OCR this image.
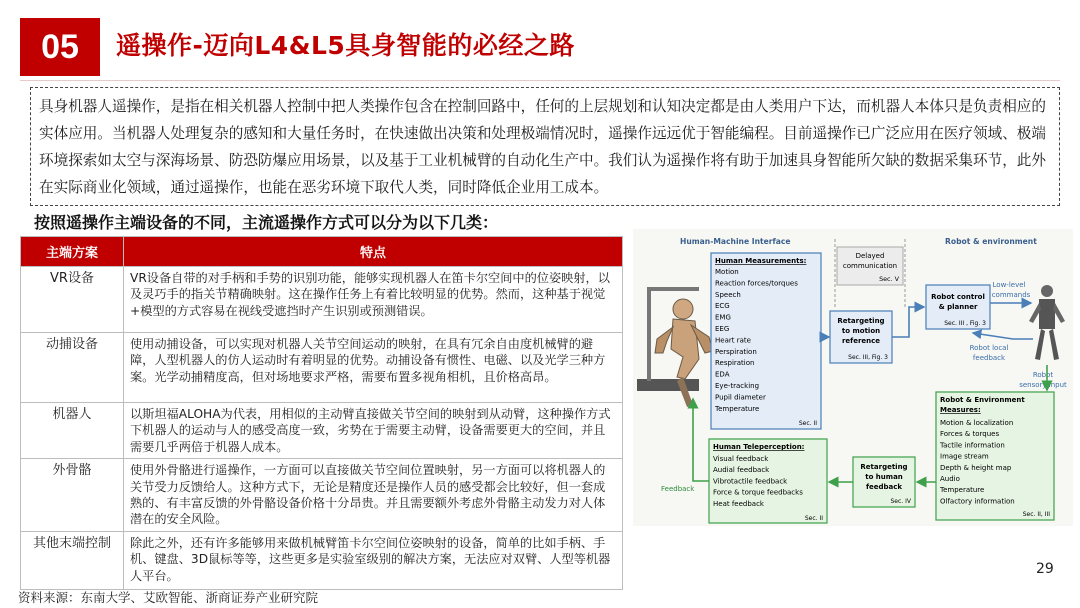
05	遥操作-迈向L4&L5具身智能的必经之路
具身机器人遥操作，是指在相关机器人控制中把人类操作包含在控制回路中，任何的上层规划和认知决定都是由人类用户下达，而机器人本体只是负责相应的实体应用。当机器人处理复杂的感知和大量任务时，在快速做出决策和处理极端情况时，遥操作远远优于智能编程。目前遥操作已广泛应用在医疗领域、极端环境探索如太空与深海场景、防恐防爆应用场景，以及基于工业机械臂的自动化生产中。我们认为遥操作将有助于加速具身智能所欠缺的数据采集环节，此外在实际商业化领域，通过遥操作，也能在恶劣环境下取代人类，同时降低企业用工成本。
按照遥操作主端设备的不同，主流遥操作方式可以分为以下几类：
主端方案	特点
VR设备	VR设备自带的对手柄和手势的识别功能，能够实现机器人在笛卡尔空间中的位姿映射，以及灵巧手的指关节精确映射。这在操作任务上有着比较明显的优势。然而，这种基于视觉+模型的方式容易在视线受遮挡时产生识别或预测错误。
动捕设备	使用动捕设备，可以实现对机器人关节空间运动的映射，在具有冗余自由度机械臂的避障，人型机器人的仿人运动时有着明显的优势。动捕设备有惯性、电磁、以及光学三种方案。光学动捕精度高，但对场地要求严格，需要布置多视角相机，且价格高昂。
机器人	以斯坦福ALOHA为代表，用相似的主动臂直接做关节空间的映射到从动臂，这种操作方式下机器人的运动与人的感受高度一致，劣势在于需要主动臂，设备需要更大的空间，并且需要几乎两倍于机器人成本。
外骨骼	使用外骨骼进行遥操作，一方面可以直接做关节空间位置映射，另一方面可以将机器人的关节受力反馈给人。这种方式下，无论是精度还是操作人员的感受都会比较好，但一套成熟的、有丰富反馈的外骨骼设备价格十分昂贵。并且需要额外考虑外骨骼主动发力对人体潜在的安全风险。
其他末端控制	除此之外，还有许多能够用来做机械臂笛卡尔空间位姿映射的设备，简单的比如手柄、手机、键盘、3D鼠标等等，这些更多是实验室级别的解决方案，无法应对双臂、人型等机器人平台。
Human-Machine Interface	Robot & environment
Delayed
communication
Sec. V
Human Measurements:
Motion
Reaction forces/torques
Speech
ECG
EMG
EEG
Heart rate
Perspiration
Respiration
EDA
Eye-tracking
Pupil diameter
Temperature
Sec. II
Retargeting
to motion
reference
Sec. III, Fig. 3
Robot control
& planner
Sec. III , Fig. 3
Low-level
commands
Robot local
feedback
Robot
sensory input
Robot & Environment
Measures:
Motion & localization
Forces & torques
Tactile information
Image stream
Depth & height map
Audio
Temperature
Olfactory information
Sec. II, III
Retargeting
to human
feedback
Sec. IV
Human Teleperception:
Visual feedback
Audial feedback
Vibrotactile feedback
Force & torque feedbacks
Heat feedback
Sec. II
Feedback
29
资料来源：东南大学、艾欧智能、浙商证券产业研究院
